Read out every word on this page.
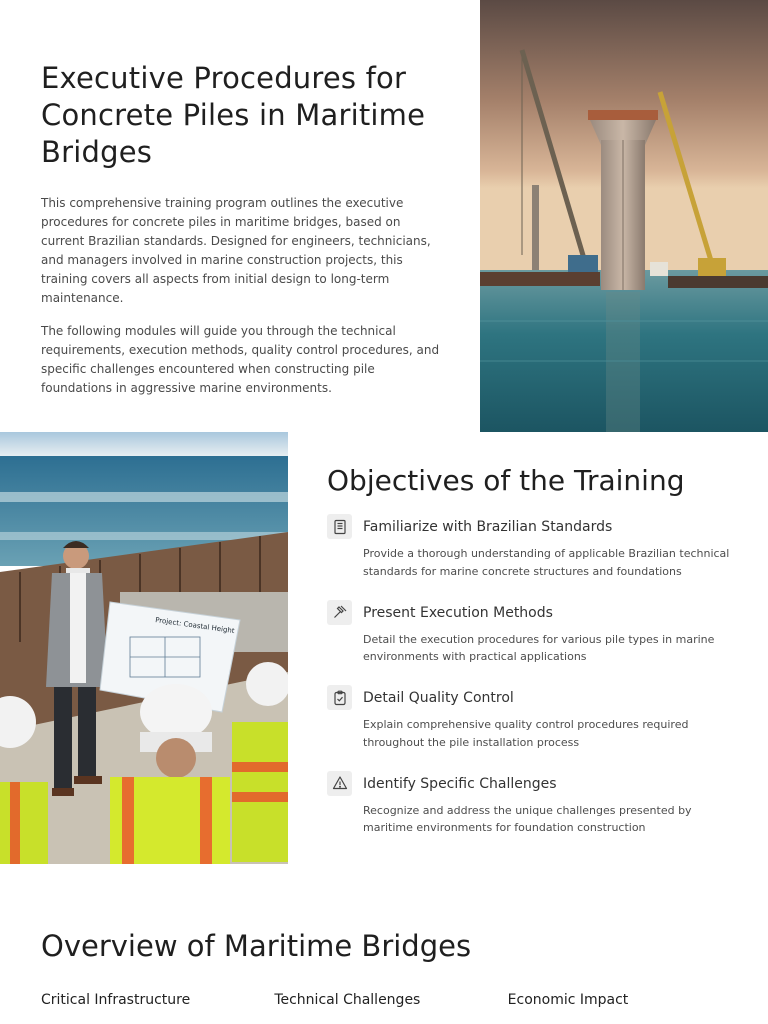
Executive Procedures for Concrete Piles in Maritime Bridges

This comprehensive training program outlines the executive procedures for concrete piles in maritime bridges, based on current Brazilian standards. Designed for engineers, technicians, and managers involved in marine construction projects, this training covers all aspects from initial design to long-term maintenance.

The following modules will guide you through the technical requirements, execution methods, quality control procedures, and specific challenges encountered when constructing pile foundations in aggressive marine environments.

Project: Coastal Height
Objectives of the Training
Familiarize with Brazilian Standards
Provide a thorough understanding of applicable Brazilian technical standards for marine concrete structures and foundations
Present Execution Methods
Detail the execution procedures for various pile types in marine environments with practical applications
Detail Quality Control
Explain comprehensive quality control procedures required throughout the pile installation process
Identify Specific Challenges
Recognize and address the unique challenges presented by maritime environments for foundation construction
Overview of Maritime Bridges
Critical Infrastructure	Technical Challenges	Economic Impact
